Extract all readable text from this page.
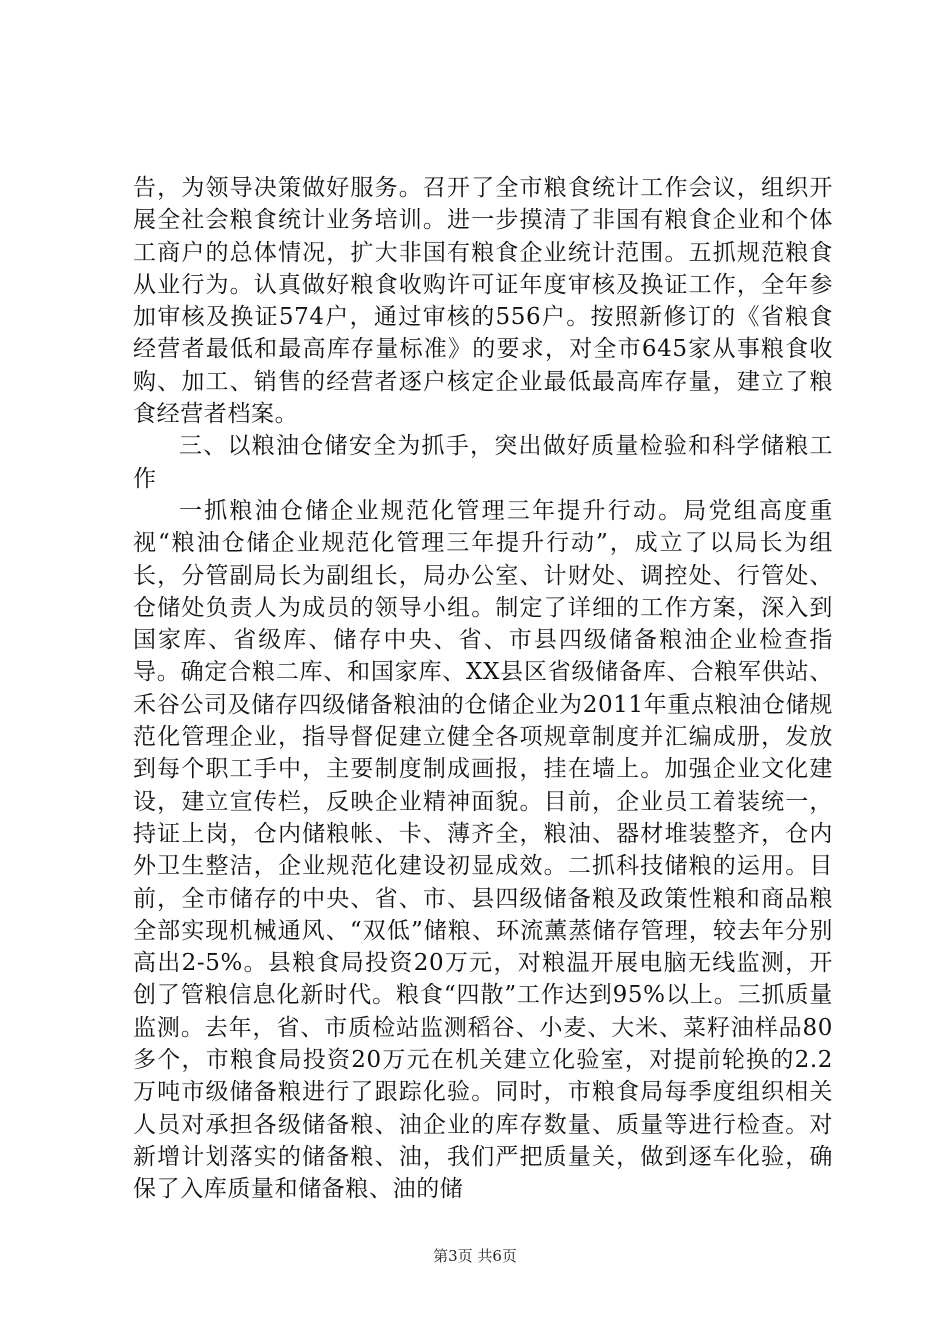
告，为领导决策做好服务。召开了全市粮食统计工作会议，组织开展全社会粮食统计业务培训。进一步摸清了非国有粮食企业和个体工商户的总体情况，扩大非国有粮食企业统计范围。五抓规范粮食从业行为。认真做好粮食收购许可证年度审核及换证工作，全年参加审核及换证574户，通过审核的556户。按照新修订的《省粮食经营者最低和最高库存量标准》的要求，对全市645家从事粮食收购、加工、销售的经营者逐户核定企业最低最高库存量，建立了粮食经营者档案。

三、以粮油仓储安全为抓手，突出做好质量检验和科学储粮工作

一抓粮油仓储企业规范化管理三年提升行动。局党组高度重视“粮油仓储企业规范化管理三年提升行动”，成立了以局长为组长，分管副局长为副组长，局办公室、计财处、调控处、行管处、仓储处负责人为成员的领导小组。制定了详细的工作方案，深入到国家库、省级库、储存中央、省、市县四级储备粮油企业检查指导。确定合粮二库、和国家库、XX县区省级储备库、合粮军供站、禾谷公司及储存四级储备粮油的仓储企业为2011年重点粮油仓储规范化管理企业，指导督促建立健全各项规章制度并汇编成册，发放到每个职工手中，主要制度制成画报，挂在墙上。加强企业文化建设，建立宣传栏，反映企业精神面貌。目前，企业员工着装统一，持证上岗，仓内储粮帐、卡、薄齐全，粮油、器材堆装整齐，仓内外卫生整洁，企业规范化建设初显成效。二抓科技储粮的运用。目前，全市储存的中央、省、市、县四级储备粮及政策性粮和商品粮全部实现机械通风、“双低”储粮、环流薰蒸储存管理，较去年分别高出2-5%。县粮食局投资20万元，对粮温开展电脑无线监测，开创了管粮信息化新时代。粮食“四散”工作达到95%以上。三抓质量监测。去年，省、市质检站监测稻谷、小麦、大米、菜籽油样品80多个，市粮食局投资20万元在机关建立化验室，对提前轮换的2.2万吨市级储备粮进行了跟踪化验。同时，市粮食局每季度组织相关人员对承担各级储备粮、油企业的库存数量、质量等进行检查。对新增计划落实的储备粮、油，我们严把质量关，做到逐车化验，确保了入库质量和储备粮、油的储

第3页 共6页
